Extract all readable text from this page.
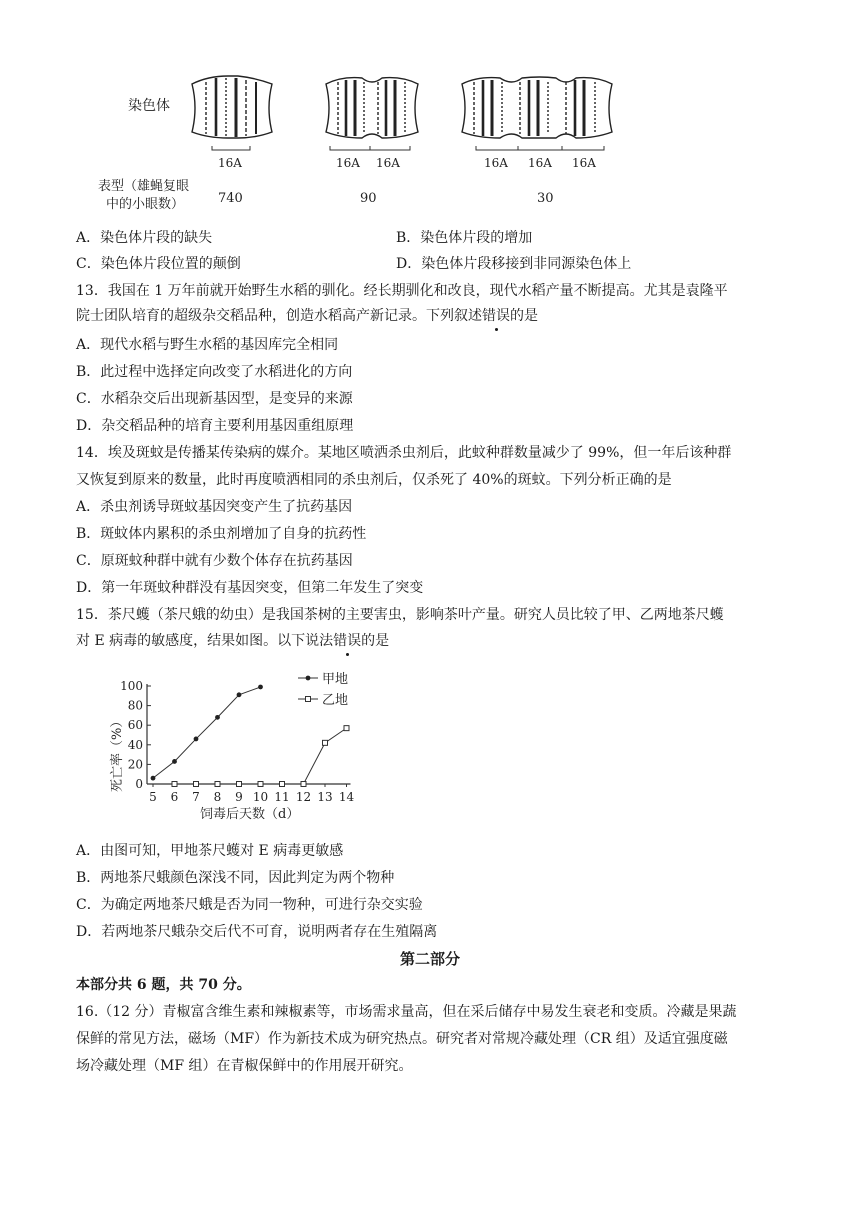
染色体
16A	16A 16A	16A 16A 16A
表型（雄蝇复眼
中的小眼数）	740	90	30
A．染色体片段的缺失	B．染色体片段的增加
C．染色体片段位置的颠倒	D．染色体片段移接到非同源染色体上
13．我国在 1 万年前就开始野生水稻的驯化。经长期驯化和改良，现代水稻产量不断提高。尤其是袁隆平
院士团队培育的超级杂交稻品种，创造水稻高产新记录。下列叙述错误的是
A．现代水稻与野生水稻的基因库完全相同
B．此过程中选择定向改变了水稻进化的方向
C．水稻杂交后出现新基因型，是变异的来源
D．杂交稻品种的培育主要利用基因重组原理
14．埃及斑蚊是传播某传染病的媒介。某地区喷洒杀虫剂后，此蚊种群数量减少了 99%，但一年后该种群
又恢复到原来的数量，此时再度喷洒相同的杀虫剂后，仅杀死了 40%的斑蚊。下列分析正确的是
A．杀虫剂诱导斑蚊基因突变产生了抗药基因
B．斑蚊体内累积的杀虫剂增加了自身的抗药性
C．原斑蚊种群中就有少数个体存在抗药基因
D．第一年斑蚊种群没有基因突变，但第二年发生了突变
15．茶尺蠖（茶尺蛾的幼虫）是我国茶树的主要害虫，影响茶叶产量。研究人员比较了甲、乙两地茶尺蠖
对 E 病毒的敏感度，结果如图。以下说法错误的是
0
20
40
60
80
100
5 6 7 8 9 10 11 12 13 14
甲地
乙地
死亡率（%）
饲毒后天数（d）
A．由图可知，甲地茶尺蠖对 E 病毒更敏感
B．两地茶尺蛾颜色深浅不同，因此判定为两个物种
C．为确定两地茶尺蛾是否为同一物种，可进行杂交实验
D．若两地茶尺蛾杂交后代不可育，说明两者存在生殖隔离
第二部分
本部分共 6 题，共 70 分。
16.（12 分）青椒富含维生素和辣椒素等，市场需求量高，但在采后储存中易发生衰老和变质。冷藏是果蔬
保鲜的常见方法，磁场（MF）作为新技术成为研究热点。研究者对常规冷藏处理（CR 组）及适宜强度磁
场冷藏处理（MF 组）在青椒保鲜中的作用展开研究。
